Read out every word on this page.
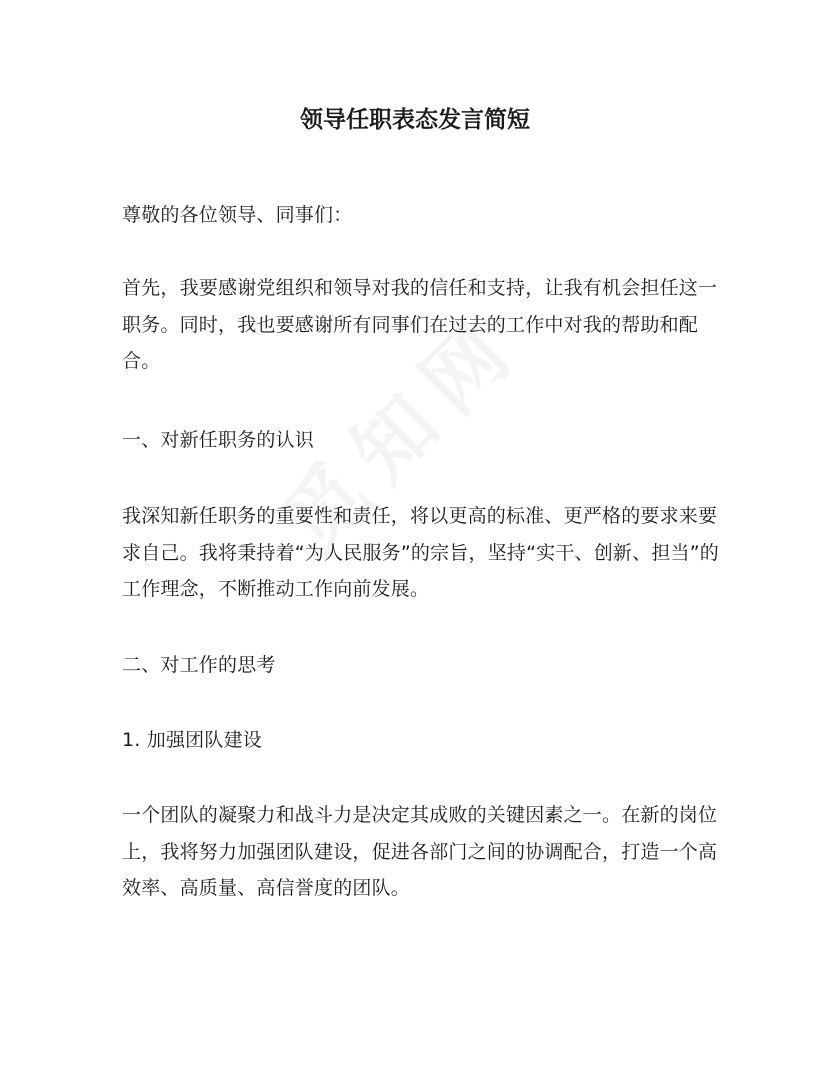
领导任职表态发言简短

尊敬的各位领导、同事们：

首先，我要感谢党组织和领导对我的信任和支持，让我有机会担任这一职务。同时，我也要感谢所有同事们在过去的工作中对我的帮助和配合。

一、对新任职务的认识

我深知新任职务的重要性和责任，将以更高的标准、更严格的要求来要求自己。我将秉持着“为人民服务”的宗旨，坚持“实干、创新、担当”的工作理念，不断推动工作向前发展。

二、对工作的思考

1. 加强团队建设

一个团队的凝聚力和战斗力是决定其成败的关键因素之一。在新的岗位上，我将努力加强团队建设，促进各部门之间的协调配合，打造一个高效率、高质量、高信誉度的团队。
